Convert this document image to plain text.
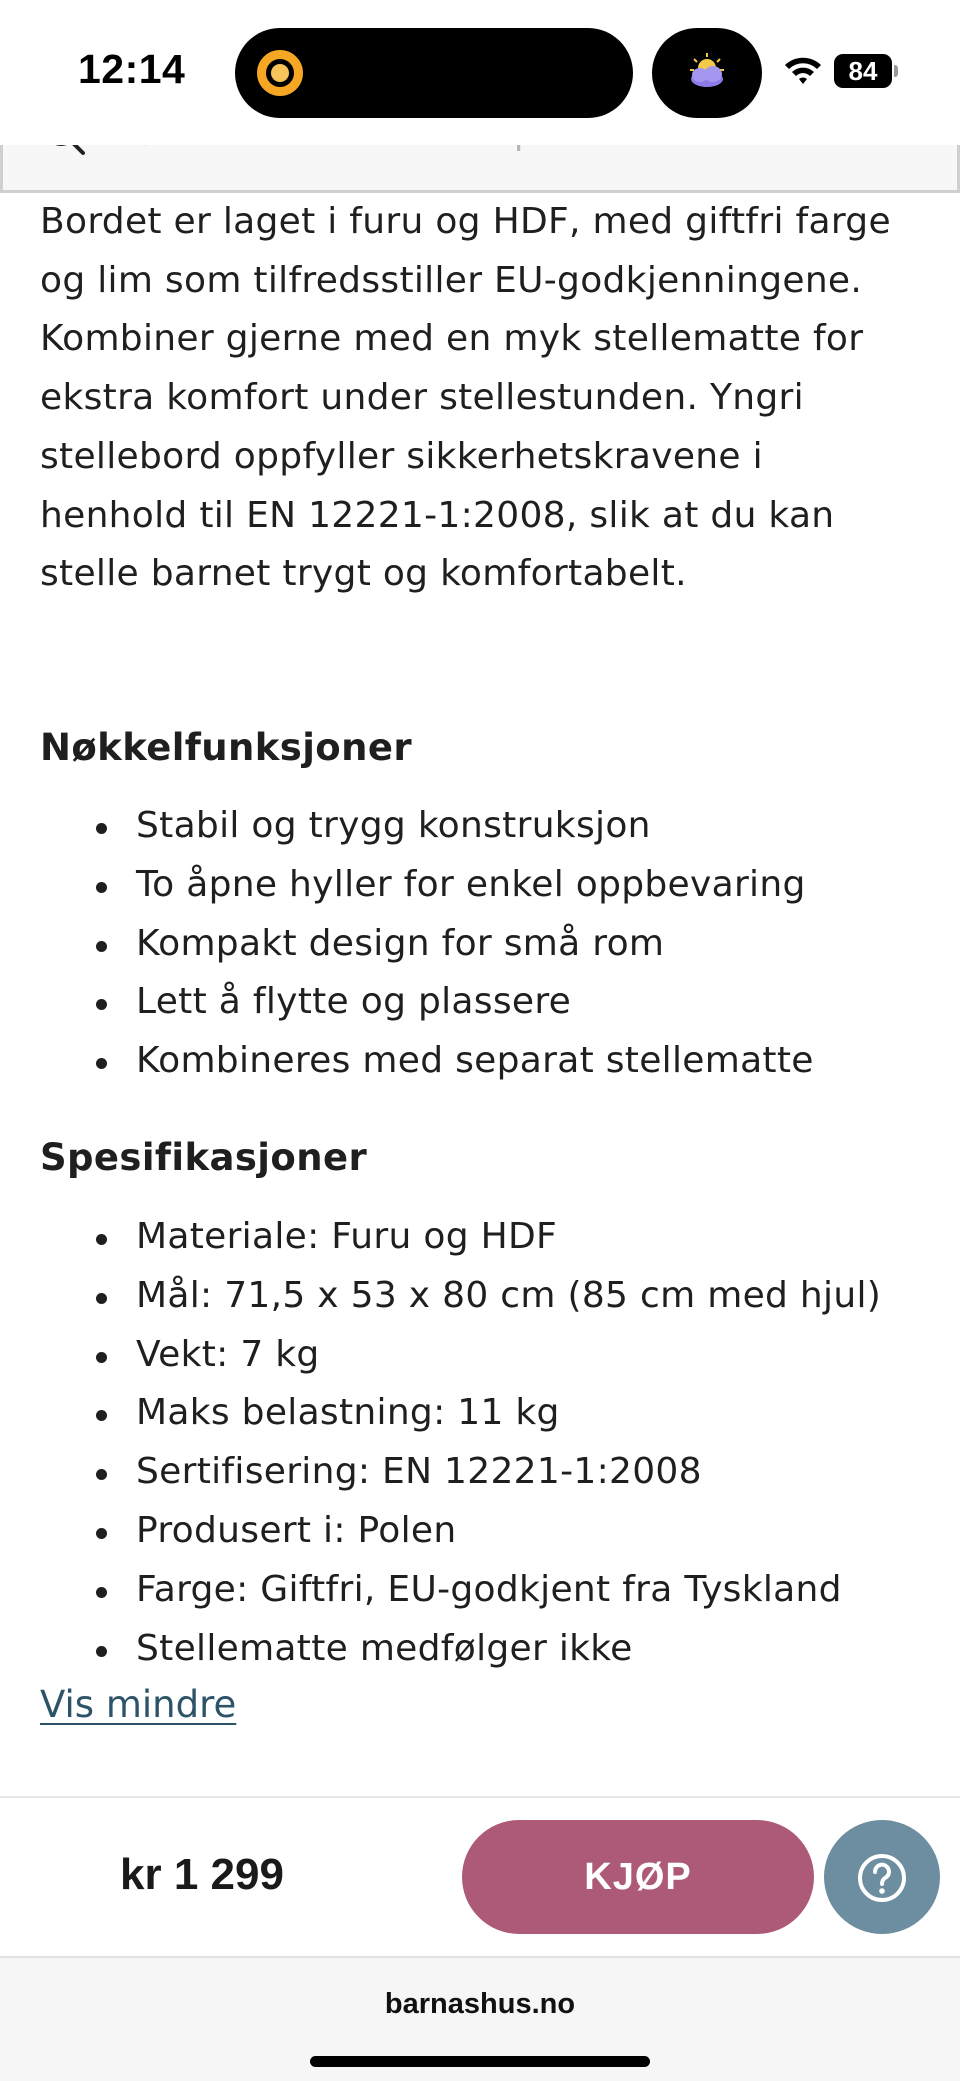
12:14	84

Bordet er laget i furu og HDF, med giftfri farge og lim som tilfredsstiller EU-godkjenningene. Kombiner gjerne med en myk stellematte for ekstra komfort under stellestunden. Yngri stellebord oppfyller sikkerhetskravene i henhold til EN 12221-1:2008, slik at du kan stelle barnet trygt og komfortabelt.

Nøkkelfunksjoner
Stabil og trygg konstruksjon
To åpne hyller for enkel oppbevaring
Kompakt design for små rom
Lett å flytte og plassere
Kombineres med separat stellematte
Spesifikasjoner
Materiale: Furu og HDF
Mål: 71,5 x 53 x 80 cm (85 cm med hjul)
Vekt: 7 kg
Maks belastning: 11 kg
Sertifisering: EN 12221-1:2008
Produsert i: Polen
Farge: Giftfri, EU-godkjent fra Tyskland
Stellematte medfølger ikke
Vis mindre
kr 1 299	KJØP
barnashus.no
